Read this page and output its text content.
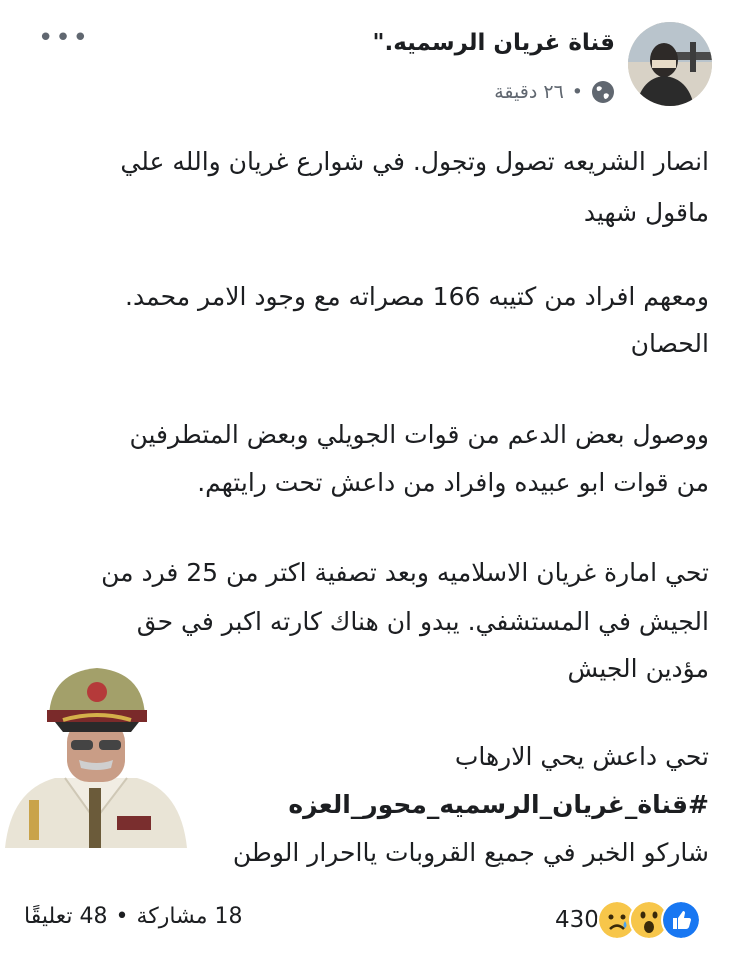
•••	قناة غريان الرسميه."
٢٦ دقيقة •
انصار الشريعه تصول وتجول. في شوارع غريان والله علي
ماقول شهيد
ومعهم افراد من كتيبه 166 مصراته مع وجود الامر محمد.
الحصان
ووصول بعض الدعم من قوات الجويلي وبعض المتطرفين
من قوات ابو عبيده وافراد من داعش تحت رايتهم.
تحي امارة غريان الاسلاميه وبعد تصفية اكتر من 25 فرد من
الجيش في المستشفي. يبدو ان هناك كارته اكبر في حق
مؤدين الجيش
تحي داعش يحي الارهاب
#قناة_غريان_الرسميه_محور_العزه
شاركو الخبر في جميع القروبات يااحرار الوطن
430
48 تعليقًا • 18 مشاركة
